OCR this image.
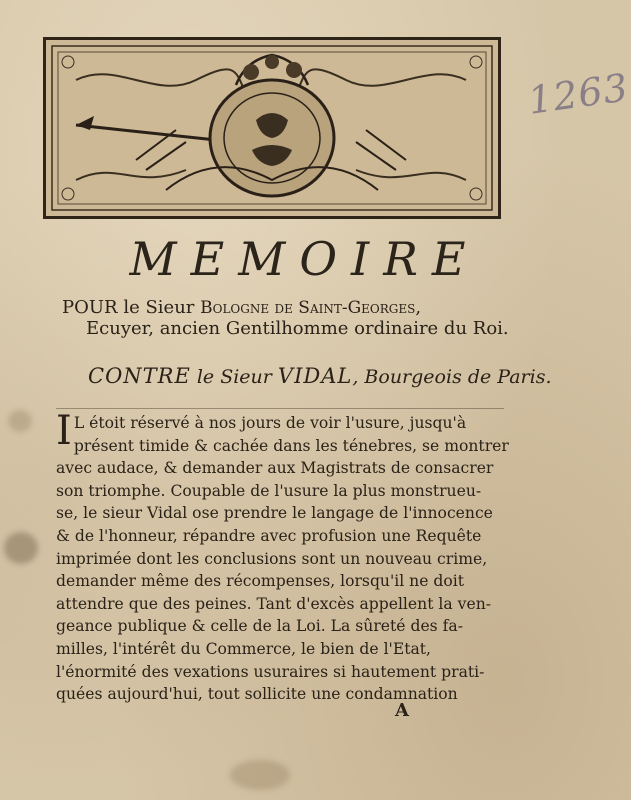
1263
MEMOIRE
POUR le Sieur Bologne de Saint-Georges,
Ecuyer, ancien Gentilhomme ordinaire du Roi.
CONTRE le Sieur VIDAL, Bourgeois de Paris.

I L étoit réservé à nos jours de voir l'usure, jusqu'à

présent timide & cachée dans les ténebres, se montrer

avec audace, & demander aux Magistrats de consacrer

son triomphe. Coupable de l'usure la plus monstrueu-

se, le sieur Vidal ose prendre le langage de l'innocence

& de l'honneur, répandre avec profusion une Requête

imprimée dont les conclusions sont un nouveau crime,

demander même des récompenses, lorsqu'il ne doit

attendre que des peines. Tant d'excès appellent la ven-

geance publique & celle de la Loi. La sûreté des fa-

milles, l'intérêt du Commerce, le bien de l'Etat,

l'énormité des vexations usuraires si hautement prati-

quées aujourd'hui, tout sollicite une condamnation

A
